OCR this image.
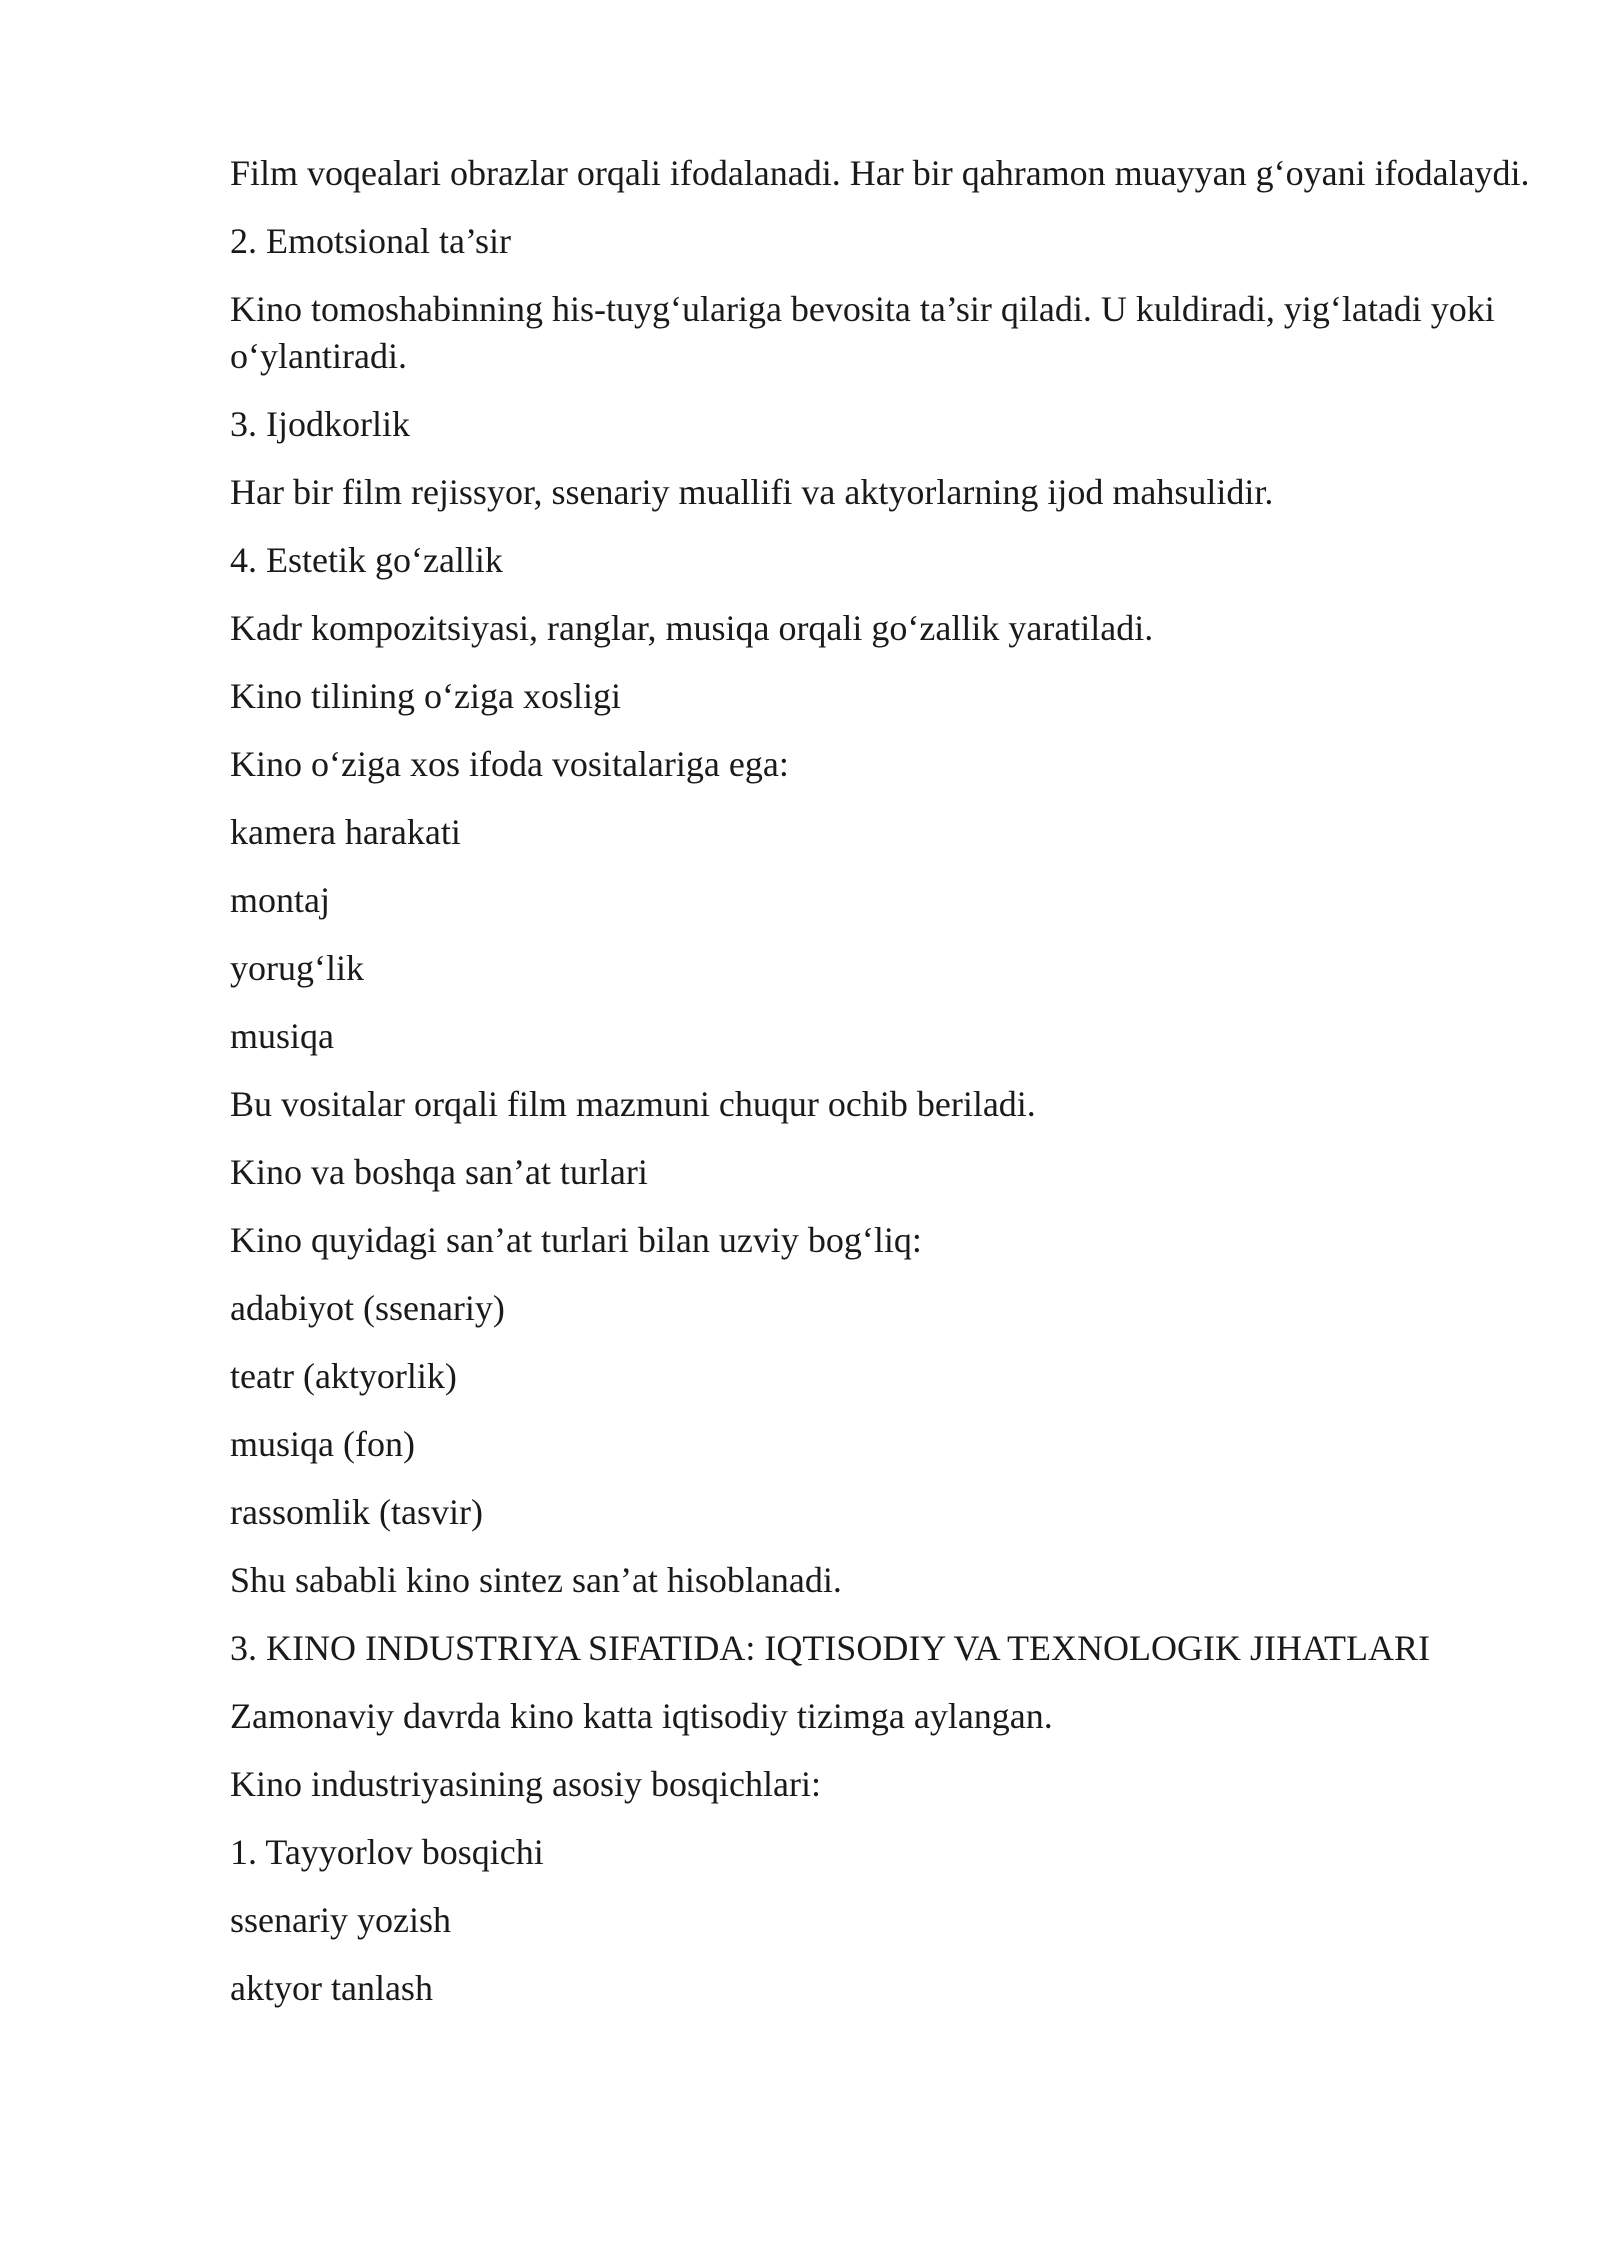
Film voqealari obrazlar orqali ifodalanadi. Har bir qahramon muayyan g‘oyani ifodalaydi.

2. Emotsional ta’sir

Kino tomoshabinning his-tuyg‘ulariga bevosita ta’sir qiladi. U kuldiradi, yig‘latadi yoki o‘ylantiradi.

3. Ijodkorlik

Har bir film rejissyor, ssenariy muallifi va aktyorlarning ijod mahsulidir.

4. Estetik go‘zallik

Kadr kompozitsiyasi, ranglar, musiqa orqali go‘zallik yaratiladi.

Kino tilining o‘ziga xosligi

Kino o‘ziga xos ifoda vositalariga ega:

kamera harakati

montaj

yorug‘lik

musiqa

Bu vositalar orqali film mazmuni chuqur ochib beriladi.

Kino va boshqa san’at turlari

Kino quyidagi san’at turlari bilan uzviy bog‘liq:

adabiyot (ssenariy)

teatr (aktyorlik)

musiqa (fon)

rassomlik (tasvir)

Shu sababli kino sintez san’at hisoblanadi.

3. KINO INDUSTRIYA SIFATIDA: IQTISODIY VA TEXNOLOGIK JIHATLARI

Zamonaviy davrda kino katta iqtisodiy tizimga aylangan.

Kino industriyasining asosiy bosqichlari:

1. Tayyorlov bosqichi

ssenariy yozish

aktyor tanlash
